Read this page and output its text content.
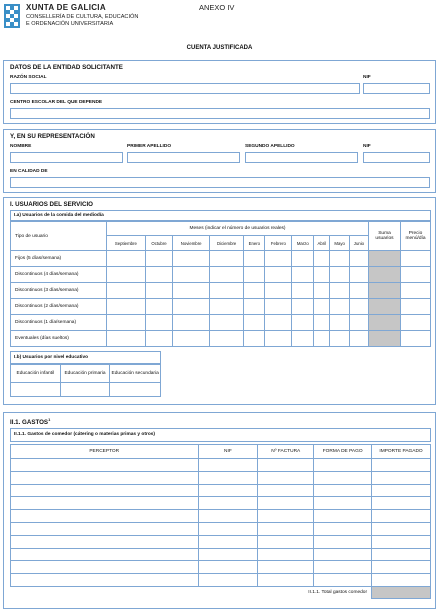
XUNTA DE GALICIA
CONSELLERÍA DE CULTURA, EDUCACIÓN
E ORDENACIÓN UNIVERSITARIA
ANEXO IV
CUENTA JUSTIFICADA
DATOS DE LA ENTIDAD SOLICITANTE
RAZÓN SOCIAL	NIF
CENTRO ESCOLAR DEL QUE DEPENDE
Y, EN SU REPRESENTACIÓN
NOMBRE	PRIMER APELLIDO	SEGUNDO APELLIDO	NIF
EN CALIDAD DE
I. USUARIOS DEL SERVICIO
I.a) Usuarios de la comida del mediodía
Tipo de usuario	Meses (indicar el número de usuarios reales)										Suma usuarios	Precio menú/día
	Septiembre	Octubre	Noviembre	Diciembre	Enero	Febrero	Marzo	Abril	Mayo	Junio		
Fijos (5 días/semana)												
Discontinuos (4 días/semana)												
Discontinuos (3 días/semana)												
Discontinuos (2 días/semana)												
Discontinuos (1 día/semana)												
Eventuales (días sueltos)												
I.b) Usuarios por nivel educativo
Educación infantil	Educación primaria	Educación secundaria

II.1. GASTOS$^1$
II.1.1. Gastos de comedor (cátering o materias primas y otros)
PERCEPTOR	NIF	Nº FACTURA	FORMA DE PAGO	IMPORTE PAGADO

II.1.1. Total gastos comedor				
